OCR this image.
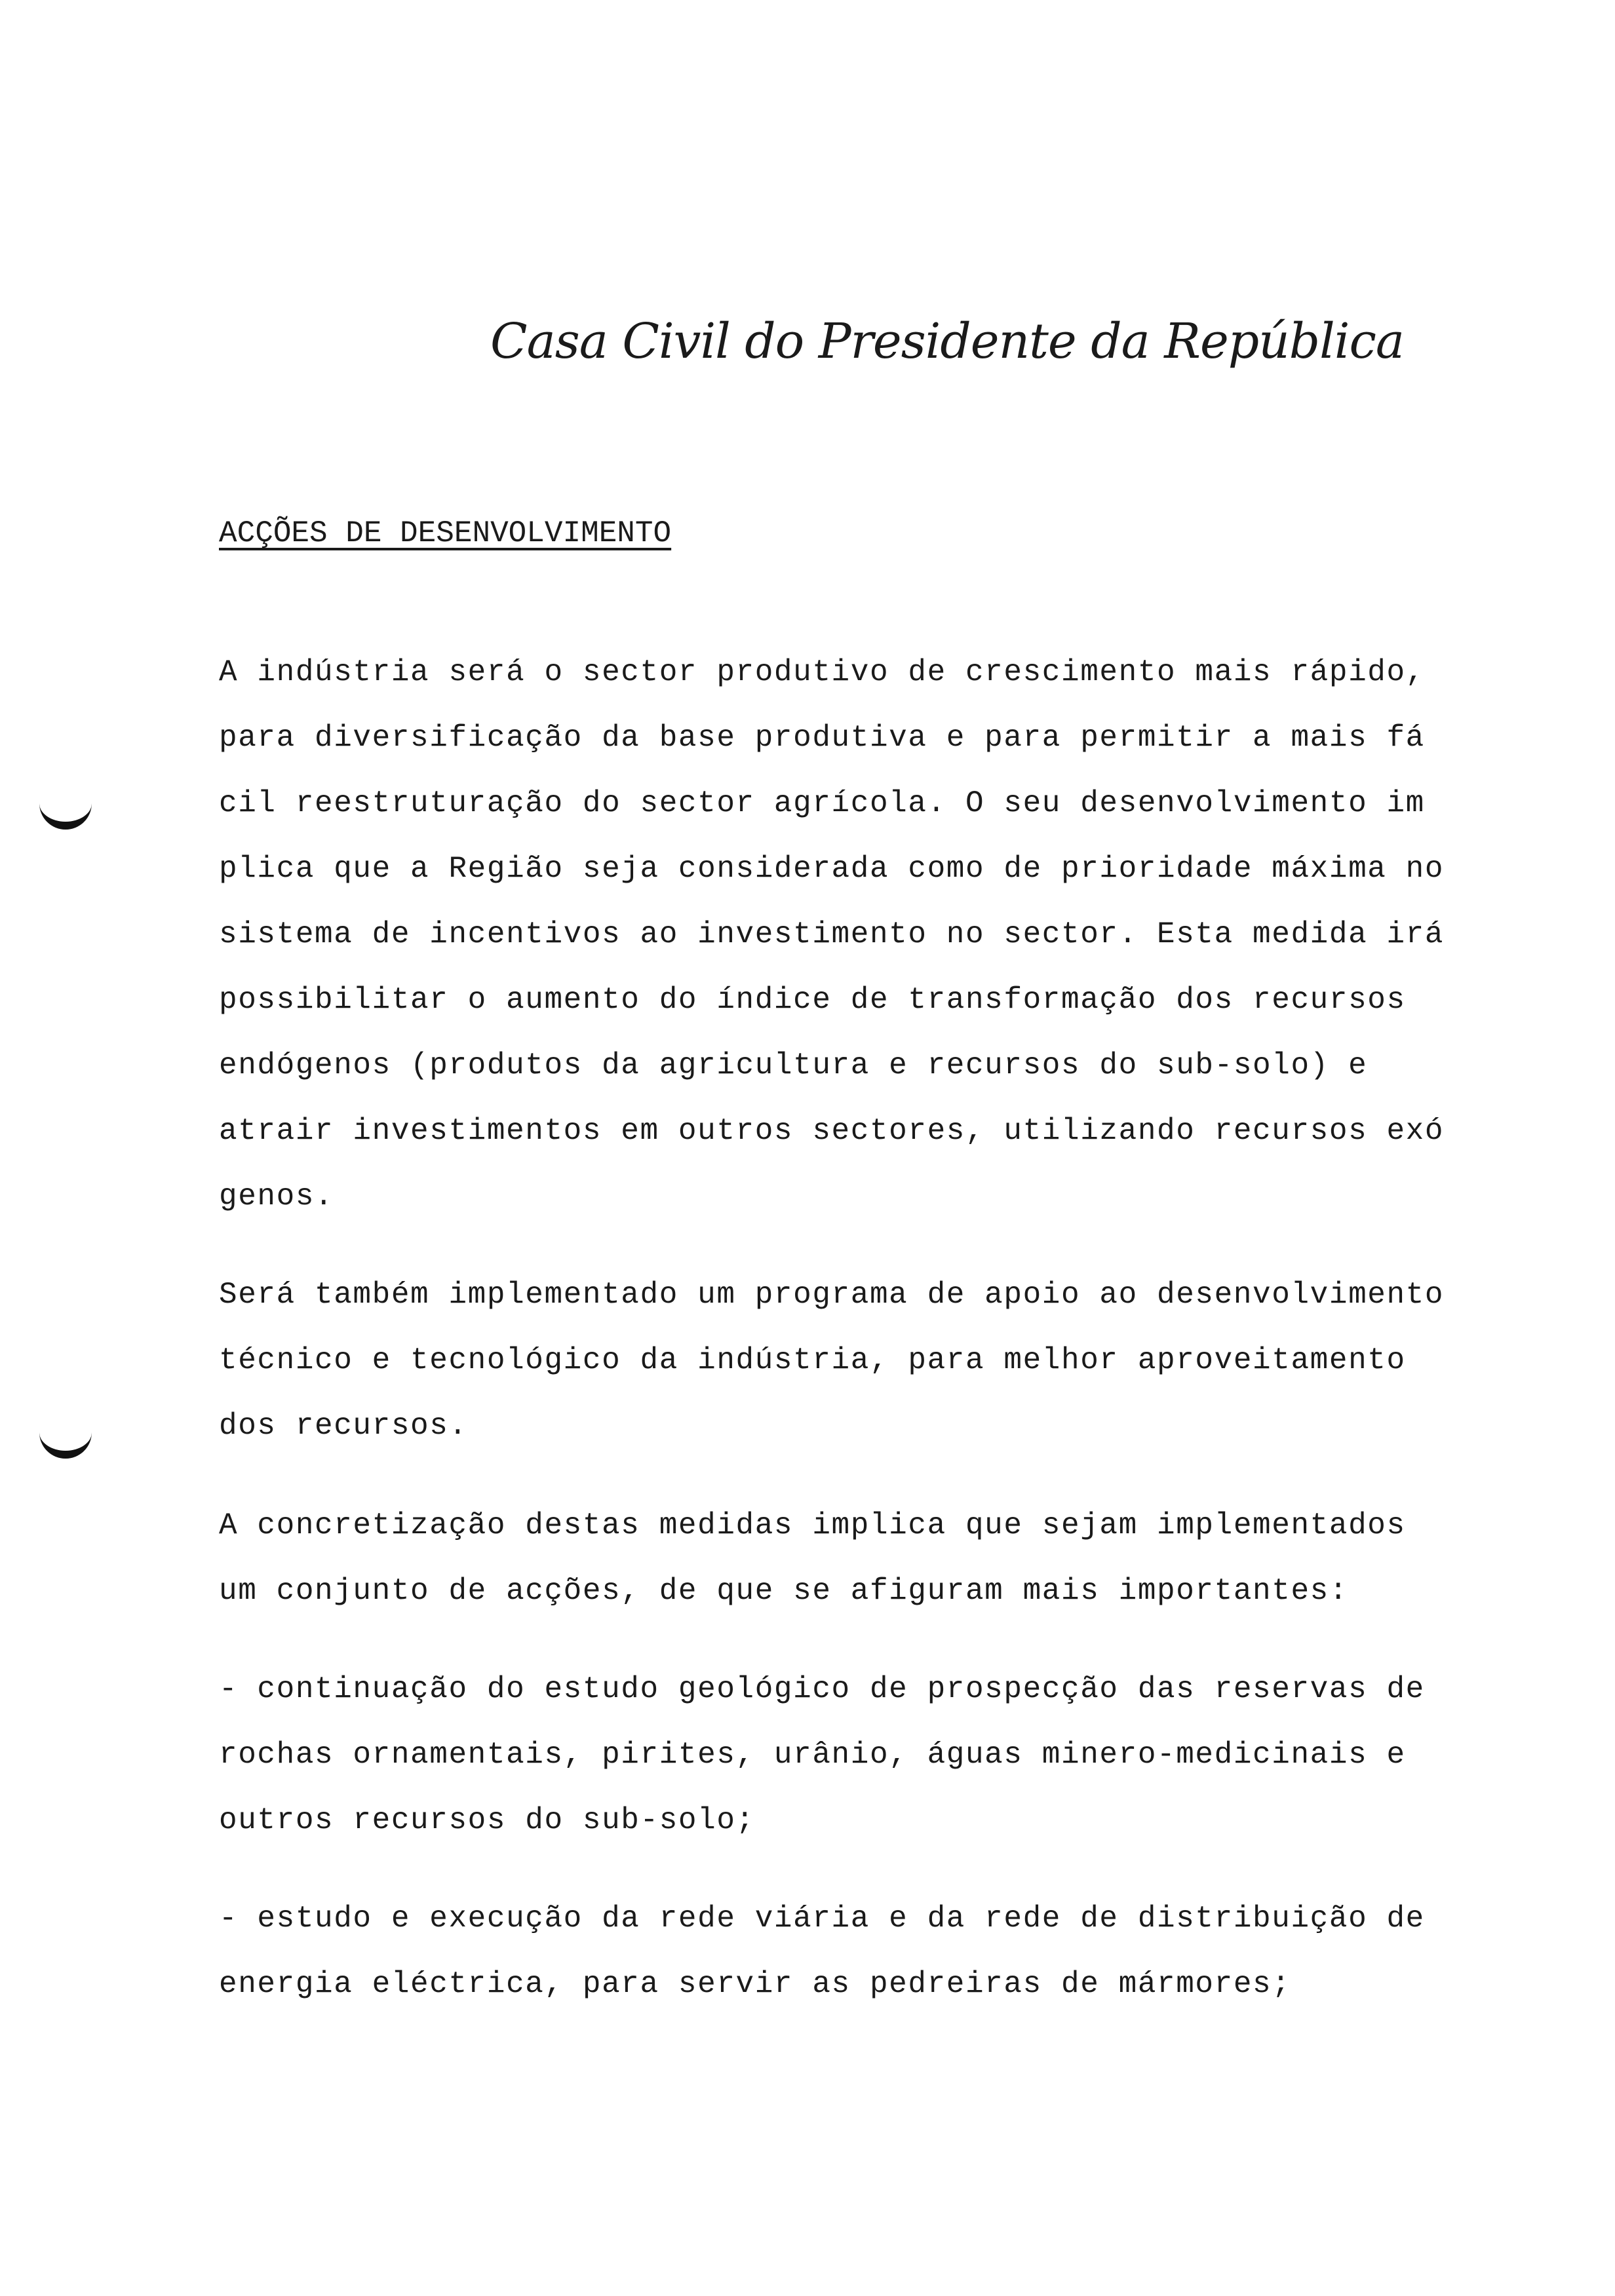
Casa Civil do Presidente da República
ACÇÕES DE DESENVOLVIMENTO
A indústria será o sector produtivo de crescimento mais rápido,
para diversificação da base produtiva e para permitir a mais fá
cil reestruturação do sector agrícola. O seu desenvolvimento im
plica que a Região seja considerada como de prioridade máxima no
sistema de incentivos ao investimento no sector. Esta medida irá
possibilitar o aumento do índice de transformação dos recursos
endógenos (produtos da agricultura e recursos do sub-solo) e
atrair investimentos em outros sectores, utilizando recursos exó
genos.
Será também implementado um programa de apoio ao desenvolvimento
técnico e tecnológico da indústria, para melhor aproveitamento
dos recursos.
A concretização destas medidas implica que sejam implementados
um conjunto de acções, de que se afiguram mais importantes:
- continuação do estudo geológico de prospecção das reservas de
rochas ornamentais, pirites, urânio, águas minero-medicinais e
outros recursos do sub-solo;
- estudo e execução da rede viária e da rede de distribuição de
energia eléctrica, para servir as pedreiras de mármores;
